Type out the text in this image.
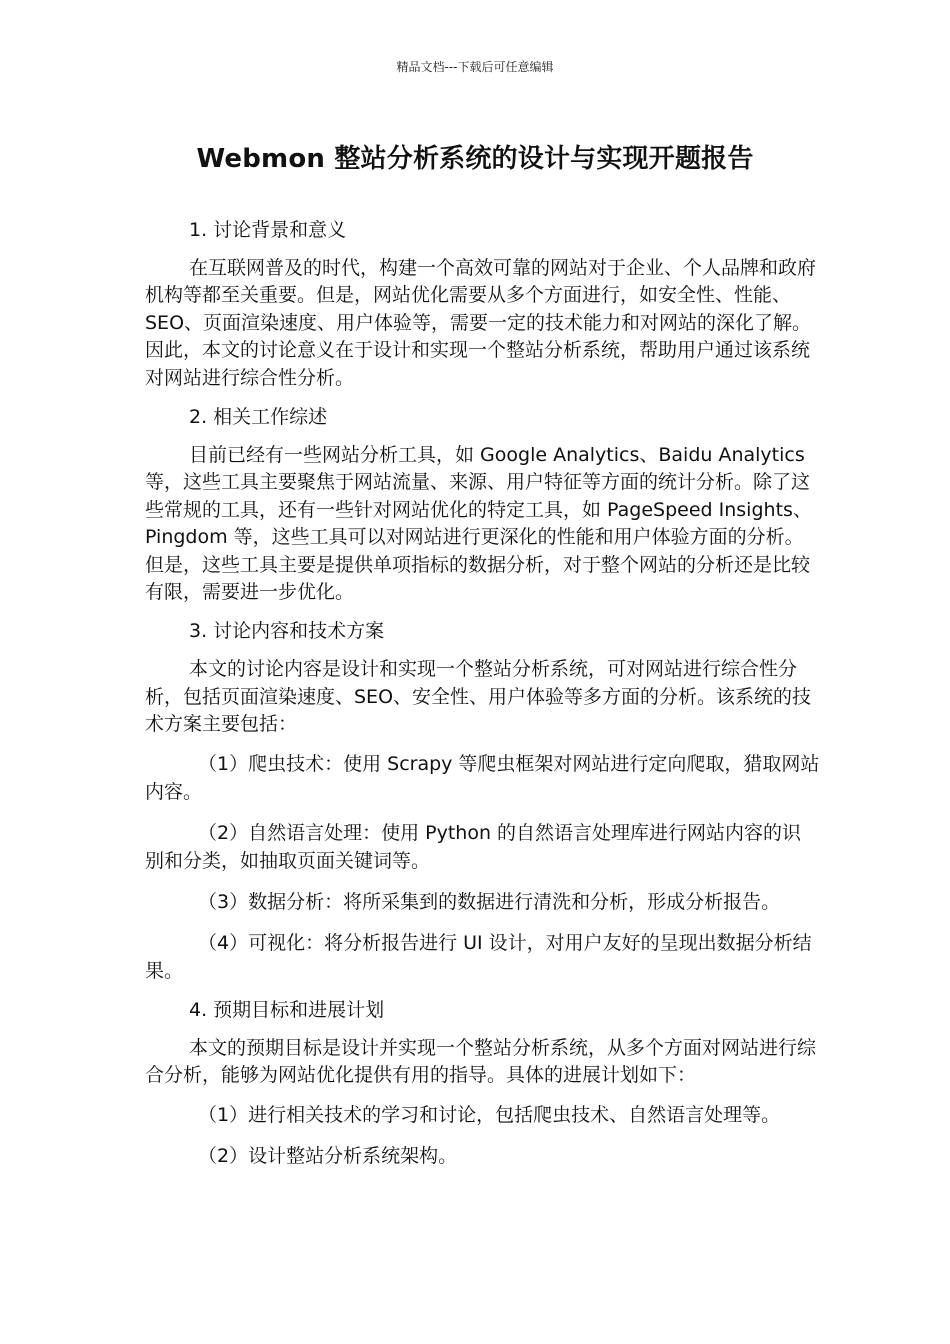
精品文档---下载后可任意编辑
Webmon 整站分析系统的设计与实现开题报告
1. 讨论背景和意义
在互联网普及的时代，构建一个高效可靠的网站对于企业、个人品牌和政府机构等都至关重要。但是，网站优化需要从多个方面进行，如安全性、性能、SEO、页面渲染速度、用户体验等，需要一定的技术能力和对网站的深化了解。因此，本文的讨论意义在于设计和实现一个整站分析系统，帮助用户通过该系统对网站进行综合性分析。
2. 相关工作综述
目前已经有一些网站分析工具，如 Google Analytics、Baidu Analytics 等，这些工具主要聚焦于网站流量、来源、用户特征等方面的统计分析。除了这些常规的工具，还有一些针对网站优化的特定工具，如 PageSpeed Insights、Pingdom 等，这些工具可以对网站进行更深化的性能和用户体验方面的分析。但是，这些工具主要是提供单项指标的数据分析，对于整个网站的分析还是比较有限，需要进一步优化。
3. 讨论内容和技术方案
本文的讨论内容是设计和实现一个整站分析系统，可对网站进行综合性分析，包括页面渲染速度、SEO、安全性、用户体验等多方面的分析。该系统的技术方案主要包括：
（1）爬虫技术：使用 Scrapy 等爬虫框架对网站进行定向爬取，猎取网站内容。
（2）自然语言处理：使用 Python 的自然语言处理库进行网站内容的识别和分类，如抽取页面关键词等。
（3）数据分析：将所采集到的数据进行清洗和分析，形成分析报告。
（4）可视化：将分析报告进行 UI 设计，对用户友好的呈现出数据分析结果。
4. 预期目标和进展计划
本文的预期目标是设计并实现一个整站分析系统，从多个方面对网站进行综合分析，能够为网站优化提供有用的指导。具体的进展计划如下：
（1）进行相关技术的学习和讨论，包括爬虫技术、自然语言处理等。
（2）设计整站分析系统架构。
